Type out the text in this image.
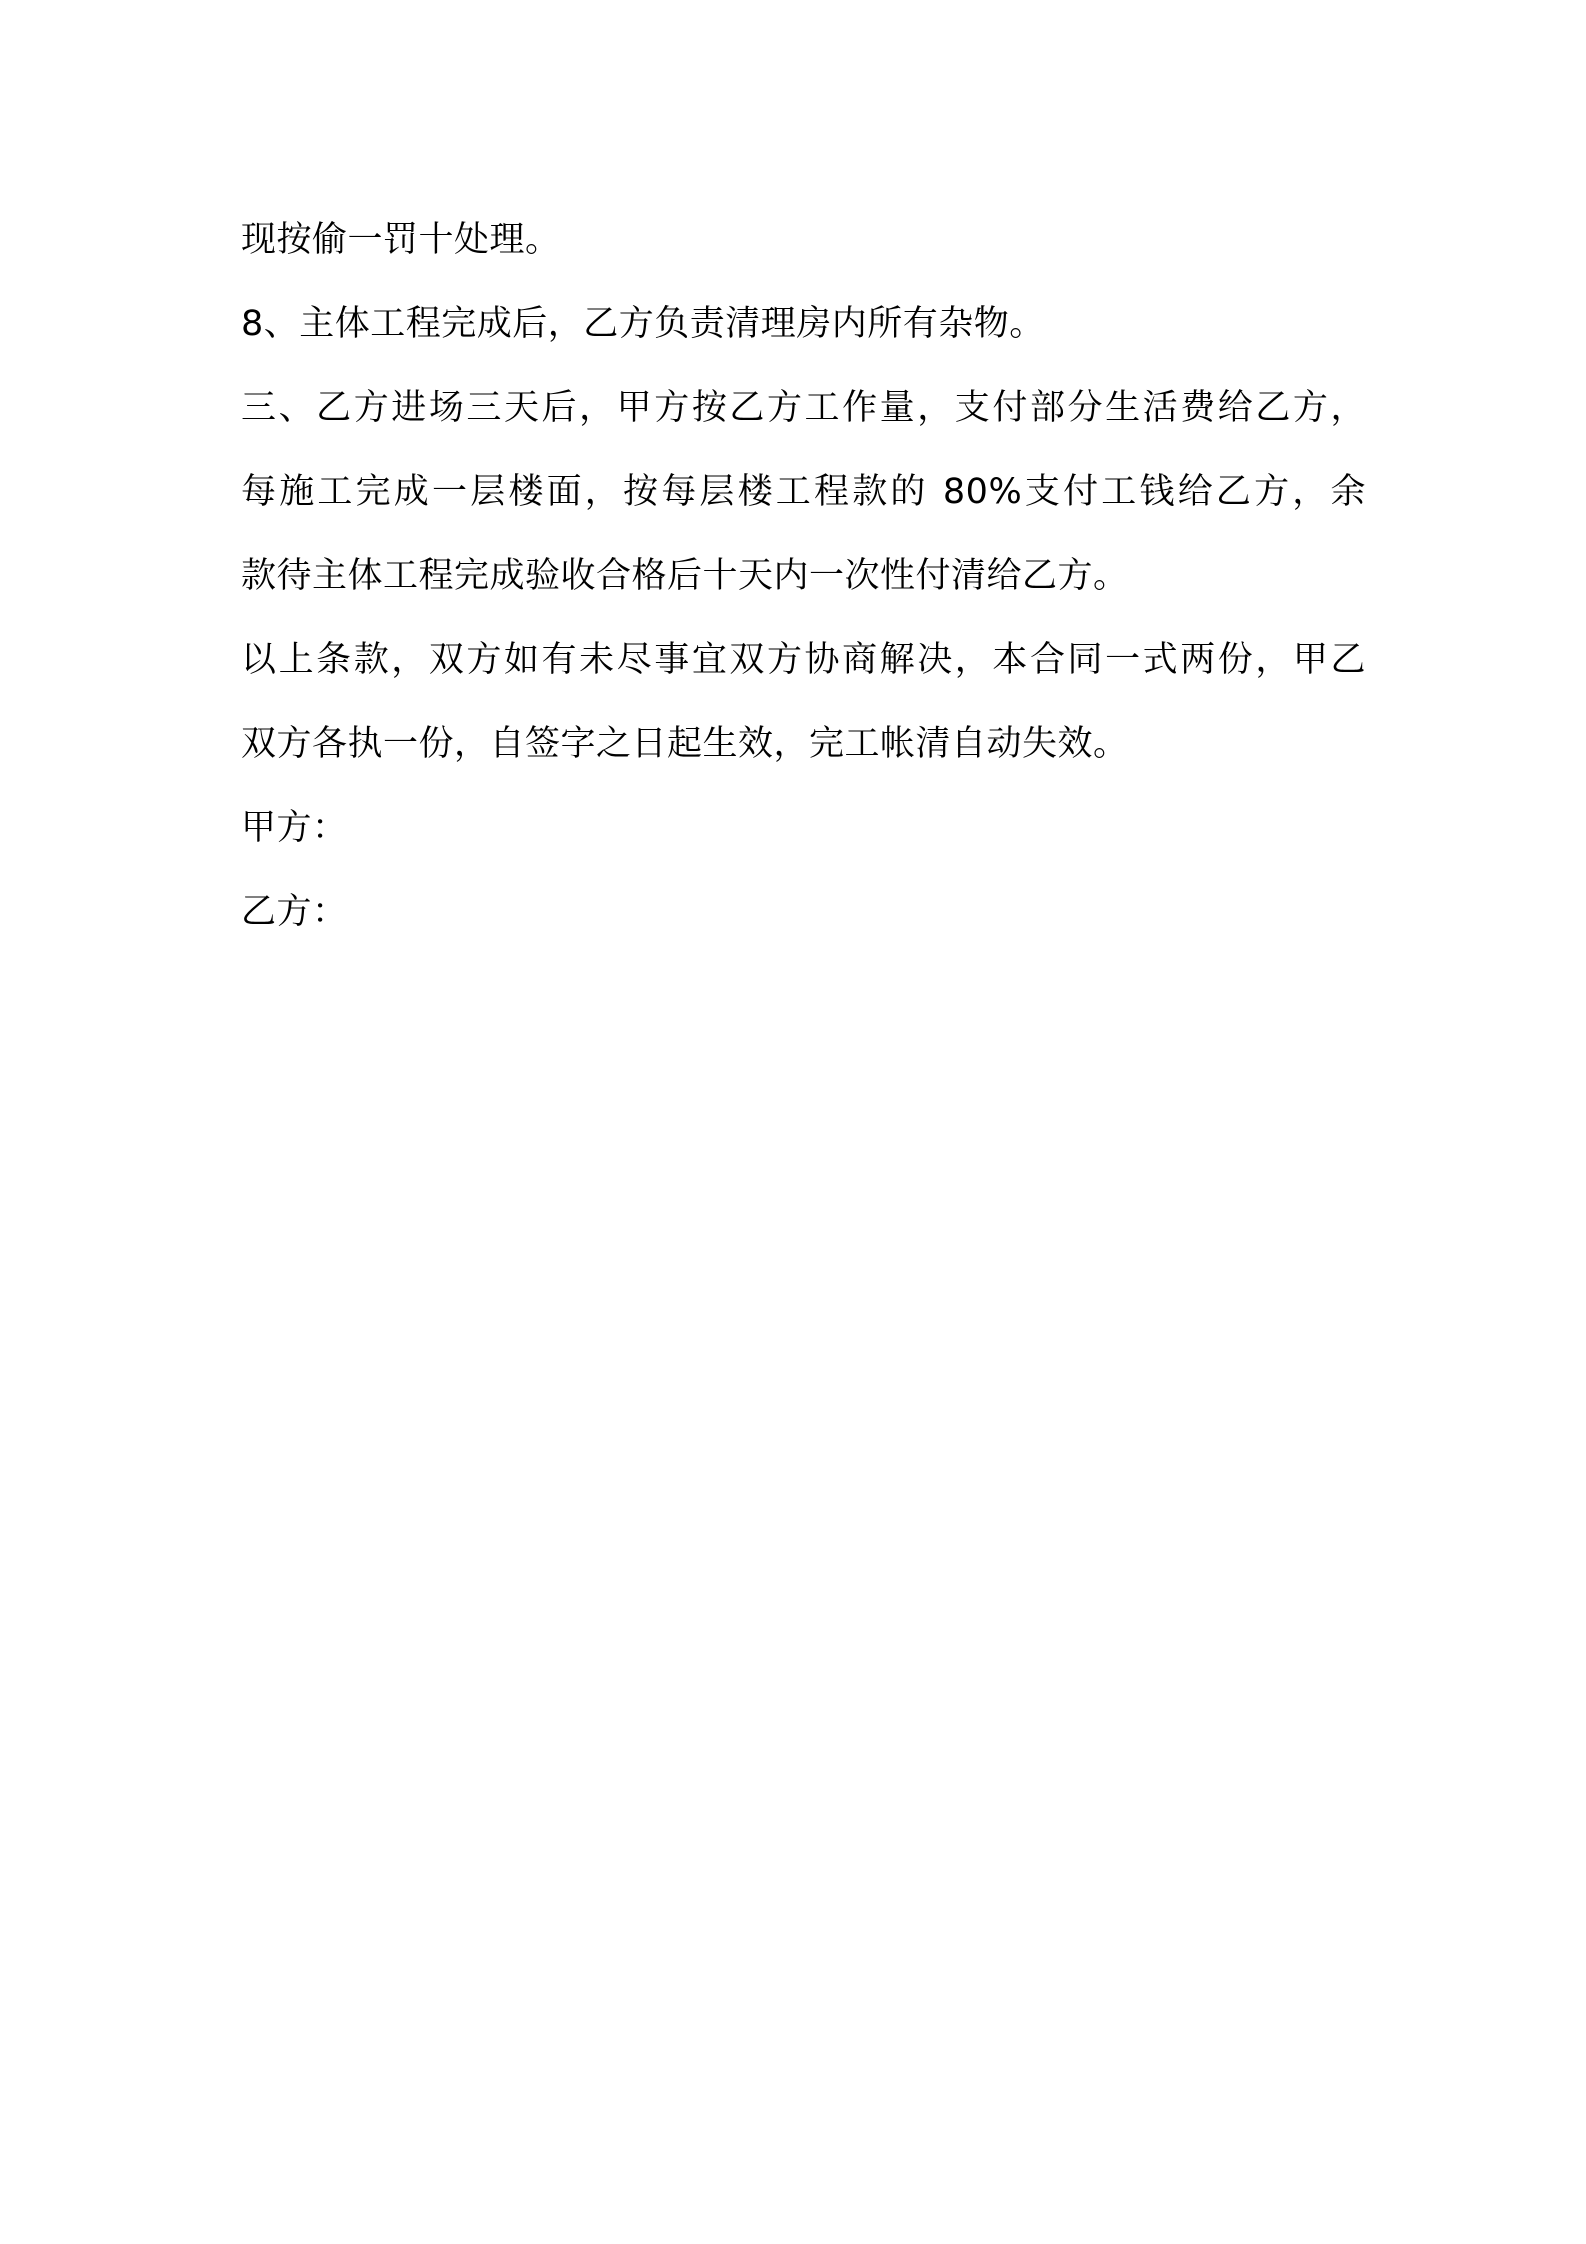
现按偷一罚十处理。
8、主体工程完成后，乙方负责清理房内所有杂物。
三、乙方进场三天后，甲方按乙方工作量，支付部分生活费给乙方，
每施工完成一层楼面，按每层楼工程款的 80%支付工钱给乙方，余
款待主体工程完成验收合格后十天内一次性付清给乙方。
以上条款，双方如有未尽事宜双方协商解决，本合同一式两份，甲乙
双方各执一份，自签字之日起生效，完工帐清自动失效。
甲方：
乙方：
